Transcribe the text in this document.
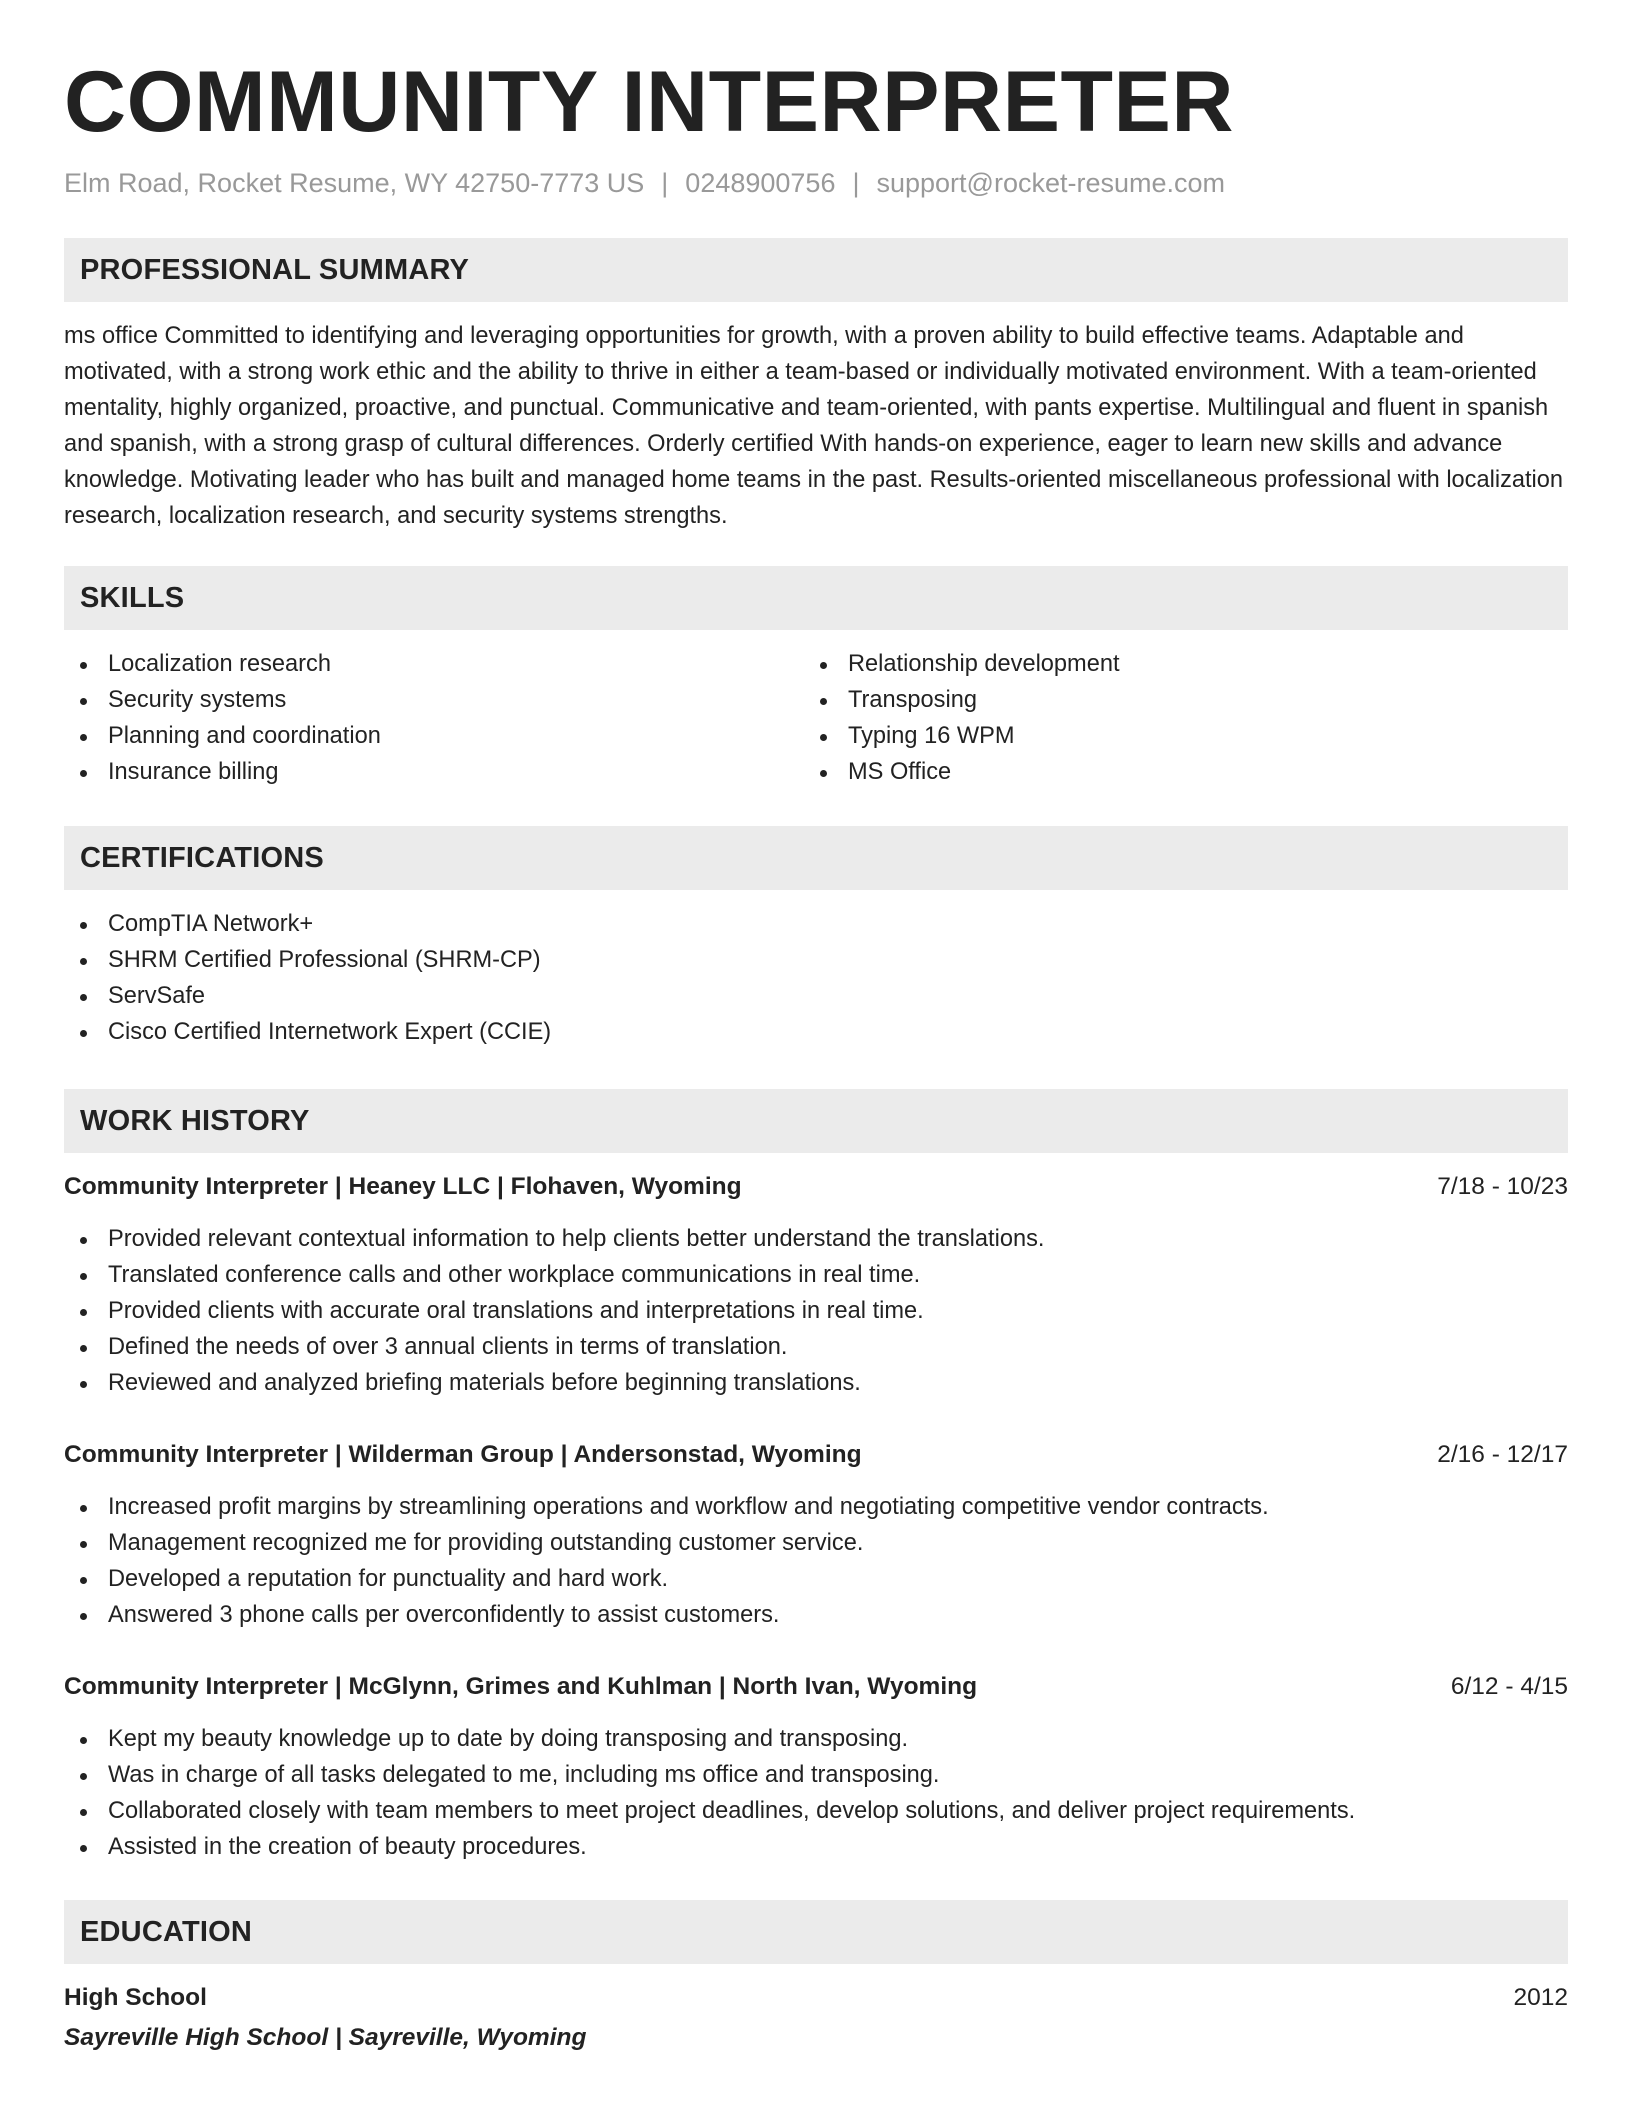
COMMUNITY INTERPRETER
Elm Road, Rocket Resume, WY 42750-7773 US | 0248900756 | support@rocket-resume.com
PROFESSIONAL SUMMARY

ms office Committed to identifying and leveraging opportunities for growth, with a proven ability to build effective teams. Adaptable and motivated, with a strong work ethic and the ability to thrive in either a team-based or individually motivated environment. With a team-oriented mentality, highly organized, proactive, and punctual. Communicative and team-oriented, with pants expertise. Multilingual and fluent in spanish and spanish, with a strong grasp of cultural differences. Orderly certified With hands-on experience, eager to learn new skills and advance knowledge. Motivating leader who has built and managed home teams in the past. Results-oriented miscellaneous professional with localization research, localization research, and security systems strengths.

SKILLS
Localization research
Security systems
Planning and coordination
Insurance billing
Relationship development
Transposing
Typing 16 WPM
MS Office
CERTIFICATIONS
CompTIA Network+
SHRM Certified Professional (SHRM-CP)
ServSafe
Cisco Certified Internetwork Expert (CCIE)
WORK HISTORY
Community Interpreter | Heaney LLC | Flohaven, Wyoming	7/18 - 10/23
Provided relevant contextual information to help clients better understand the translations.
Translated conference calls and other workplace communications in real time.
Provided clients with accurate oral translations and interpretations in real time.
Defined the needs of over 3 annual clients in terms of translation.
Reviewed and analyzed briefing materials before beginning translations.
Community Interpreter | Wilderman Group | Andersonstad, Wyoming	2/16 - 12/17
Increased profit margins by streamlining operations and workflow and negotiating competitive vendor contracts.
Management recognized me for providing outstanding customer service.
Developed a reputation for punctuality and hard work.
Answered 3 phone calls per overconfidently to assist customers.
Community Interpreter | McGlynn, Grimes and Kuhlman | North Ivan, Wyoming	6/12 - 4/15
Kept my beauty knowledge up to date by doing transposing and transposing.
Was in charge of all tasks delegated to me, including ms office and transposing.
Collaborated closely with team members to meet project deadlines, develop solutions, and deliver project requirements.
Assisted in the creation of beauty procedures.
EDUCATION
High School	2012
Sayreville High School | Sayreville, Wyoming
